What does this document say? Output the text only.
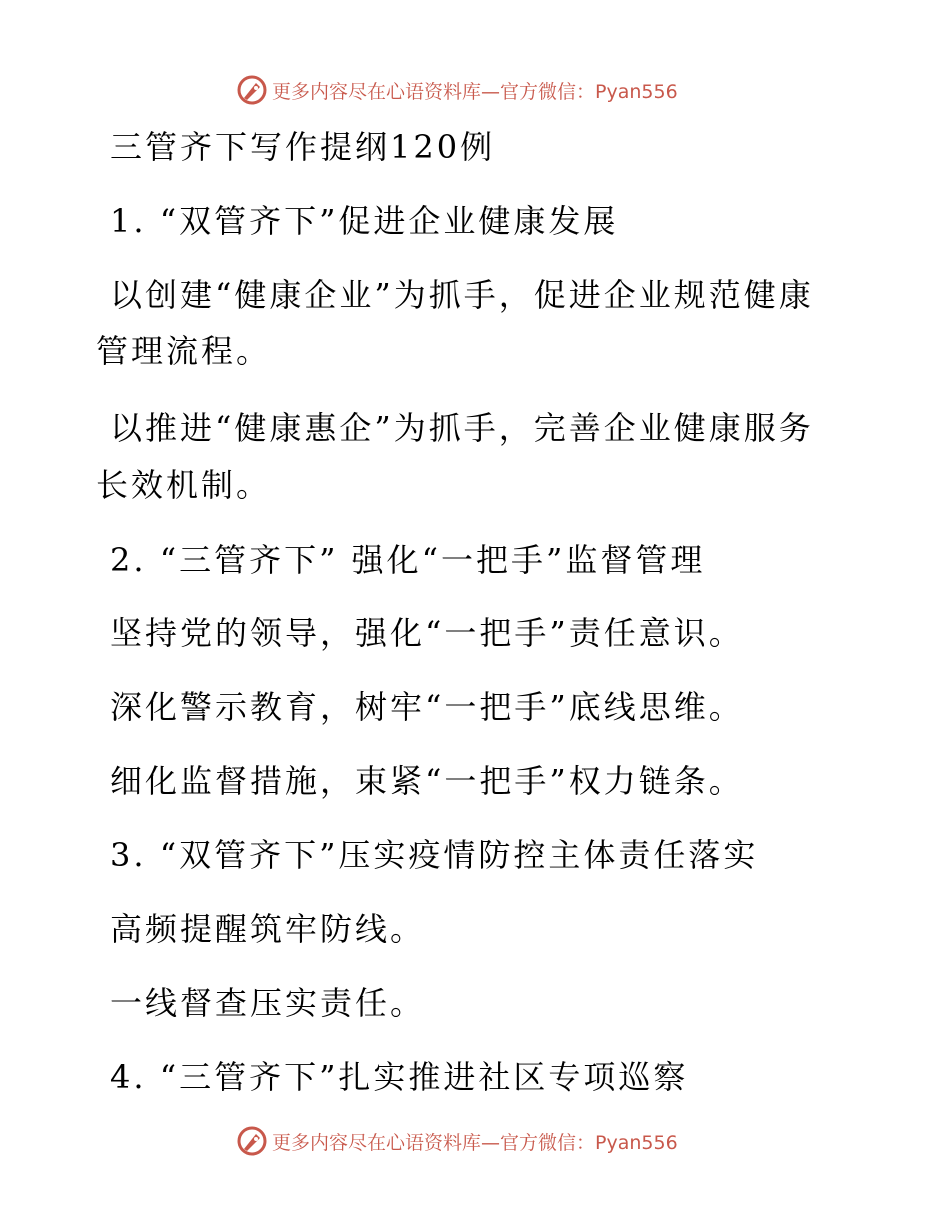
更多内容尽在心语资料库—官方微信：Pyan556
三管齐下写作提纲120例
1. “双管齐下”促进企业健康发展
以创建“健康企业”为抓手，促进企业规范健康
管理流程。
以推进“健康惠企”为抓手，完善企业健康服务
长效机制。
2. “三管齐下” 强化“一把手”监督管理
坚持党的领导，强化“一把手”责任意识。
深化警示教育，树牢“一把手”底线思维。
细化监督措施，束紧“一把手”权力链条。
3. “双管齐下”压实疫情防控主体责任落实
高频提醒筑牢防线。
一线督查压实责任。
4. “三管齐下”扎实推进社区专项巡察
更多内容尽在心语资料库—官方微信：Pyan556
